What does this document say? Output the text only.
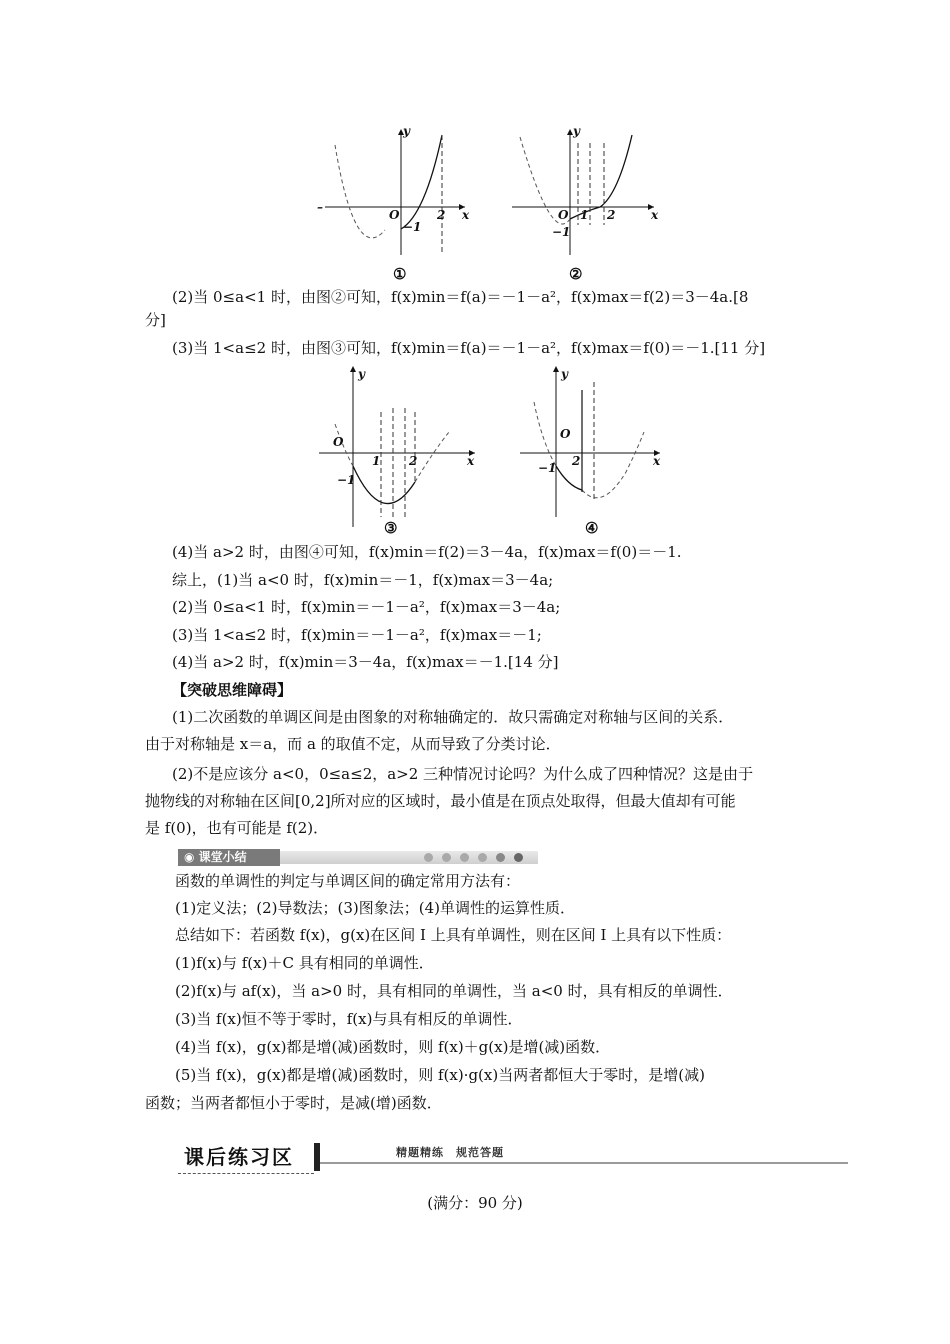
y
x
O	2
−1
–
①
y
x
O 1 2
−1
②
(2)当 0≤a<1 时，由图②可知，f(x)min＝f(a)＝－1－a²，f(x)max＝f(2)＝3－4a.[8
分]
(3)当 1<a≤2 时，由图③可知，f(x)min＝f(a)＝－1－a²，f(x)max＝f(0)＝－1.[11 分]
y
x
O
1 2
−1
③
y
x
O
2
−1
④
(4)当 a>2 时，由图④可知，f(x)min＝f(2)＝3－4a，f(x)max＝f(0)＝－1.
综上，(1)当 a<0 时，f(x)min＝－1，f(x)max＝3－4a;
(2)当 0≤a<1 时，f(x)min＝－1－a²，f(x)max＝3－4a;
(3)当 1<a≤2 时，f(x)min＝－1－a²，f(x)max＝－1;
(4)当 a>2 时，f(x)min＝3－4a，f(x)max＝－1.[14 分]
【突破思维障碍】
(1)二次函数的单调区间是由图象的对称轴确定的．故只需确定对称轴与区间的关系．
由于对称轴是 x＝a，而 a 的取值不定，从而导致了分类讨论．
(2)不是应该分 a<0，0≤a≤2，a>2 三种情况讨论吗？为什么成了四种情况？这是由于
抛物线的对称轴在区间[0,2]所对应的区域时，最小值是在顶点处取得，但最大值却有可能
是 f(0)，也有可能是 f(2)．
◉ 课堂小结
函数的单调性的判定与单调区间的确定常用方法有：
(1)定义法；(2)导数法；(3)图象法；(4)单调性的运算性质．
总结如下：若函数 f(x)，g(x)在区间 I 上具有单调性，则在区间 I 上具有以下性质：
(1)f(x)与 f(x)＋C 具有相同的单调性．
(2)f(x)与 af(x)，当 a>0 时，具有相同的单调性，当 a<0 时，具有相反的单调性．
(3)当 f(x)恒不等于零时，f(x)与具有相反的单调性．
(4)当 f(x)，g(x)都是增(减)函数时，则 f(x)＋g(x)是增(减)函数．
(5)当 f(x)，g(x)都是增(减)函数时，则 f(x)·g(x)当两者都恒大于零时，是增(减)
函数；当两者都恒小于零时，是减(增)函数．
课后练习区	精题精练　规范答题
(满分：90 分)
